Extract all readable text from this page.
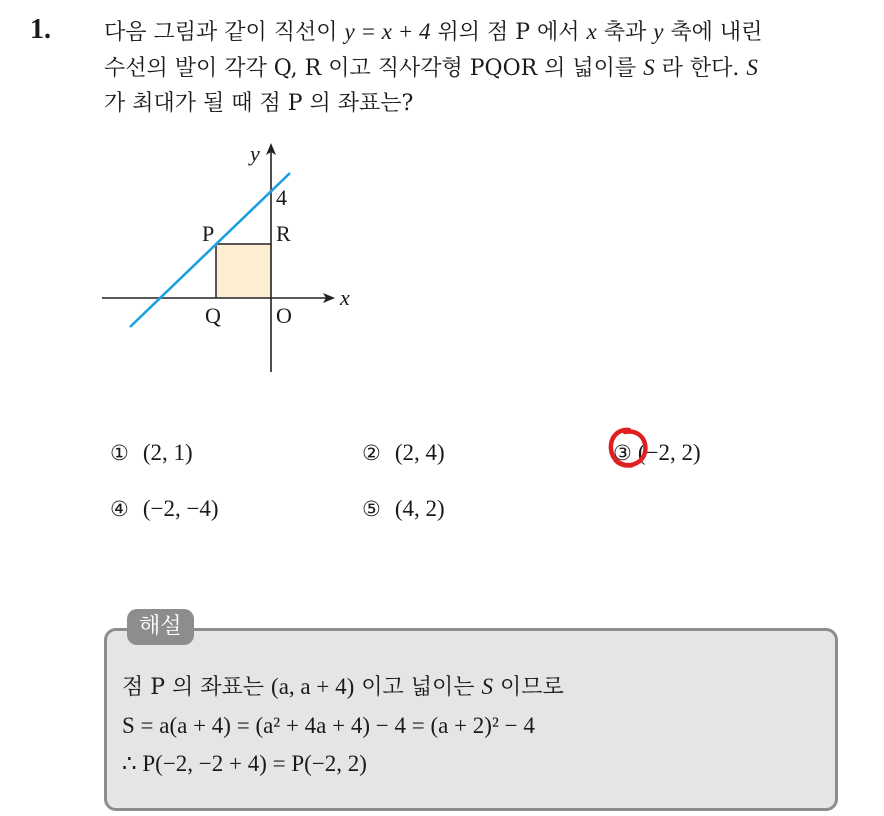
1. 다음 그림과 같이 직선이 y = x + 4 위의 점 P 에서 x 축과 y 축에 내린
수선의 발이 각각 Q, R 이고 직사각형 PQOR 의 넓이를 S 라 한다. S
가 최대가 될 때 점 P 의 좌표는?
y
x
4
P	R
Q	O
① (2, 1)	② (2, 4)	③ (−2, 2)
④ (−2, −4)	⑤ (4, 2)
해설
점 P 의 좌표는 (a, a + 4) 이고 넓이는 S 이므로
S = a(a + 4) = (a² + 4a + 4) − 4 = (a + 2)² − 4
∴ P(−2, −2 + 4) = P(−2, 2)
